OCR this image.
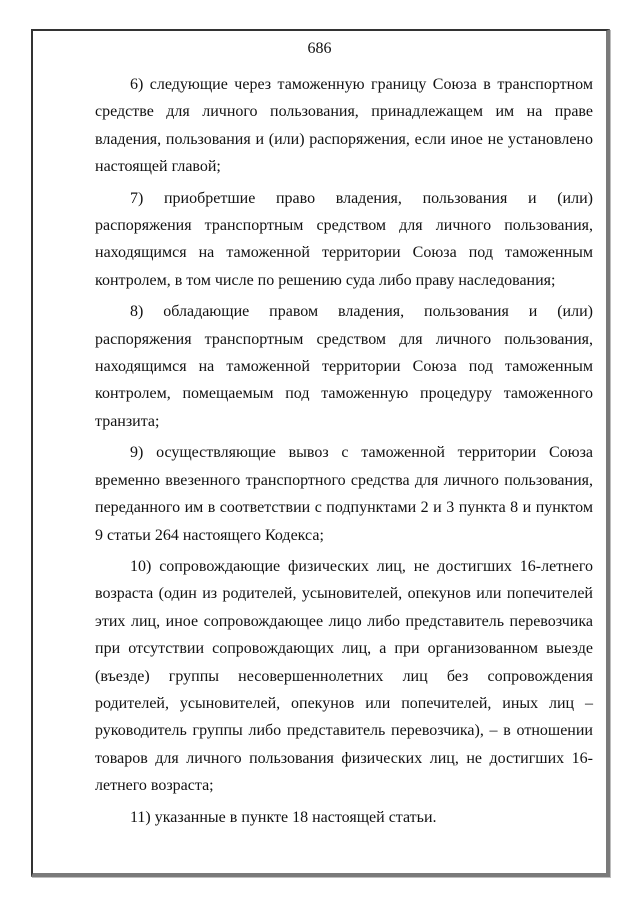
686

6) следующие через таможенную границу Союза в транспортном средстве для личного пользования, принадлежащем им на праве владения, пользования и (или) распоряжения, если иное не установлено настоящей главой;

7) приобретшие право владения, пользования и (или) распоряжения транспортным средством для личного пользования, находящимся на таможенной территории Союза под таможенным контролем, в том числе по решению суда либо праву наследования;

8) обладающие правом владения, пользования и (или) распоряжения транспортным средством для личного пользования, находящимся на таможенной территории Союза под таможенным контролем, помещаемым под таможенную процедуру таможенного транзита;

9) осуществляющие вывоз с таможенной территории Союза временно ввезенного транспортного средства для личного пользования, переданного им в соответствии с подпунктами 2 и 3 пункта 8 и пунктом 9 статьи 264 настоящего Кодекса;

10) сопровождающие физических лиц, не достигших 16-летнего возраста (один из родителей, усыновителей, опекунов или попечителей этих лиц, иное сопровождающее лицо либо представитель перевозчика при отсутствии сопровождающих лиц, а при организованном выезде (въезде) группы несовершеннолетних лиц без сопровождения родителей, усыновителей, опекунов или попечителей, иных лиц – руководитель группы либо представитель перевозчика), – в отношении товаров для личного пользования физических лиц, не достигших 16-летнего возраста;

11) указанные в пункте 18 настоящей статьи.
